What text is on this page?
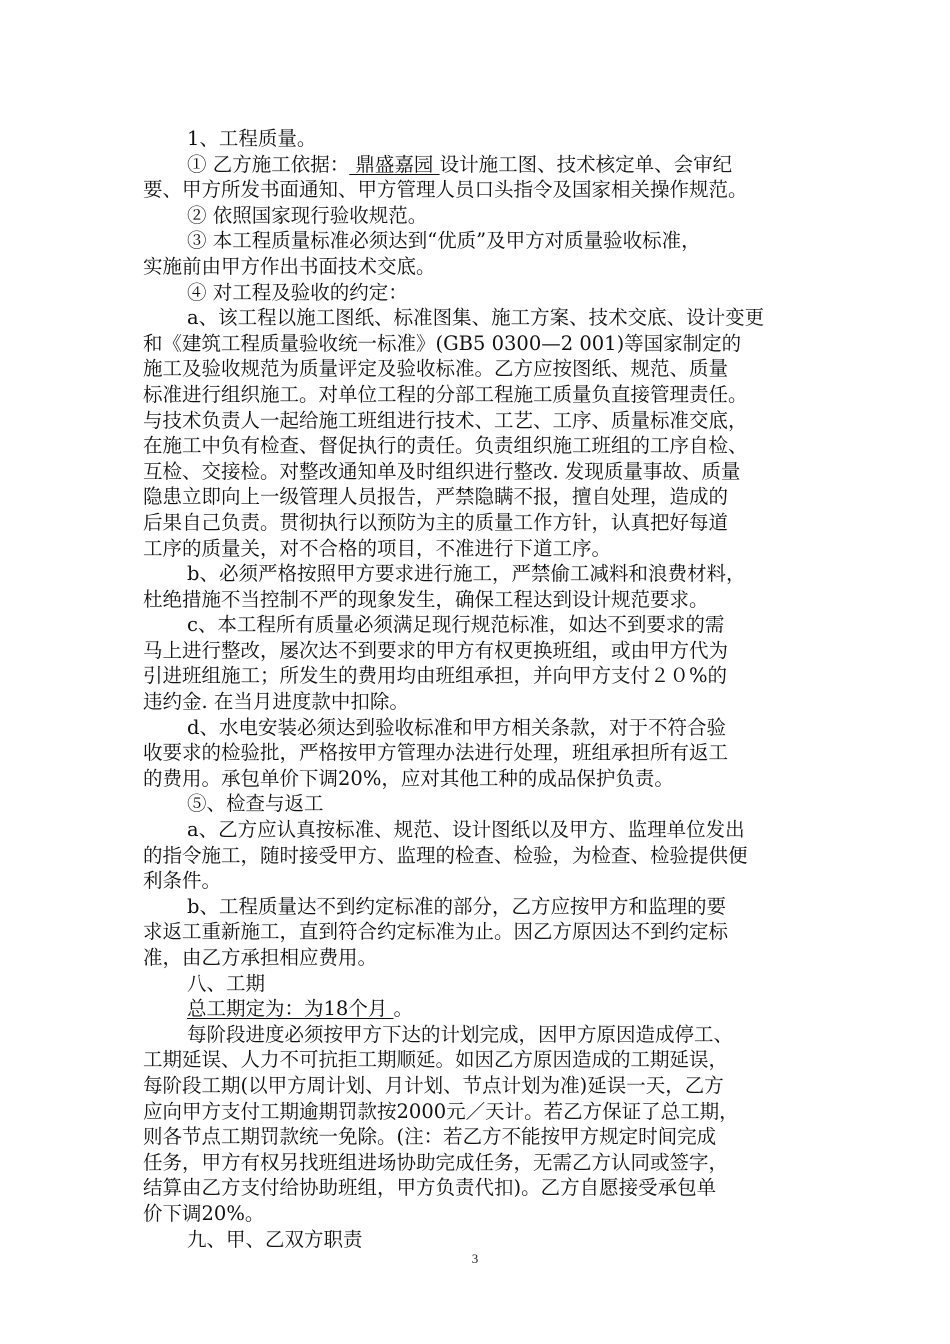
1、工程质量。
① 乙方施工依据： 鼎盛嘉园 设计施工图、技术核定单、会审纪
要、甲方所发书面通知、甲方管理人员口头指令及国家相关操作规范。
② 依照国家现行验收规范。
③ 本工程质量标准必须达到“优质”及甲方对质量验收标准，
实施前由甲方作出书面技术交底。
④ 对工程及验收的约定：
a、该工程以施工图纸、标准图集、施工方案、技术交底、设计变更
和《建筑工程质量验收统一标准》(GB5 0300—2 001)等国家制定的
施工及验收规范为质量评定及验收标准。乙方应按图纸、规范、质量
标准进行组织施工。对单位工程的分部工程施工质量负直接管理责任。
与技术负责人一起给施工班组进行技术、工艺、工序、质量标准交底，
在施工中负有检查、督促执行的责任。负责组织施工班组的工序自检、
互检、交接检。对整改通知单及时组织进行整改. 发现质量事故、质量
隐患立即向上一级管理人员报告，严禁隐瞒不报，擅自处理，造成的
后果自己负责。贯彻执行以预防为主的质量工作方针，认真把好每道
工序的质量关，对不合格的项目，不准进行下道工序。
b、必须严格按照甲方要求进行施工，严禁偷工减料和浪费材料，
杜绝措施不当控制不严的现象发生，确保工程达到设计规范要求。
c、本工程所有质量必须满足现行规范标准，如达不到要求的需
马上进行整改，屡次达不到要求的甲方有权更换班组，或由甲方代为
引进班组施工；所发生的费用均由班组承担，并向甲方支付２０%的
违约金. 在当月进度款中扣除。
d、水电安装必须达到验收标准和甲方相关条款，对于不符合验
收要求的检验批，严格按甲方管理办法进行处理，班组承担所有返工
的费用。承包单价下调20%，应对其他工种的成品保护负责。
⑤、检查与返工
a、乙方应认真按标准、规范、设计图纸以及甲方、监理单位发出
的指令施工，随时接受甲方、监理的检查、检验，为检查、检验提供便
利条件。
b、工程质量达不到约定标准的部分，乙方应按甲方和监理的要
求返工重新施工，直到符合约定标准为止。因乙方原因达不到约定标
准，由乙方承担相应费用。
八、工期
总工期定为：为18个月 。
每阶段进度必须按甲方下达的计划完成，因甲方原因造成停工、
工期延误、人力不可抗拒工期顺延。如因乙方原因造成的工期延误，
每阶段工期(以甲方周计划、月计划、节点计划为准)延误一天，乙方
应向甲方支付工期逾期罚款按2000元／天计。若乙方保证了总工期，
则各节点工期罚款统一免除。(注：若乙方不能按甲方规定时间完成
任务，甲方有权另找班组进场协助完成任务，无需乙方认同或签字，
结算由乙方支付给协助班组，甲方负责代扣)。乙方自愿接受承包单
价下调20%。
九、甲、乙双方职责
3
